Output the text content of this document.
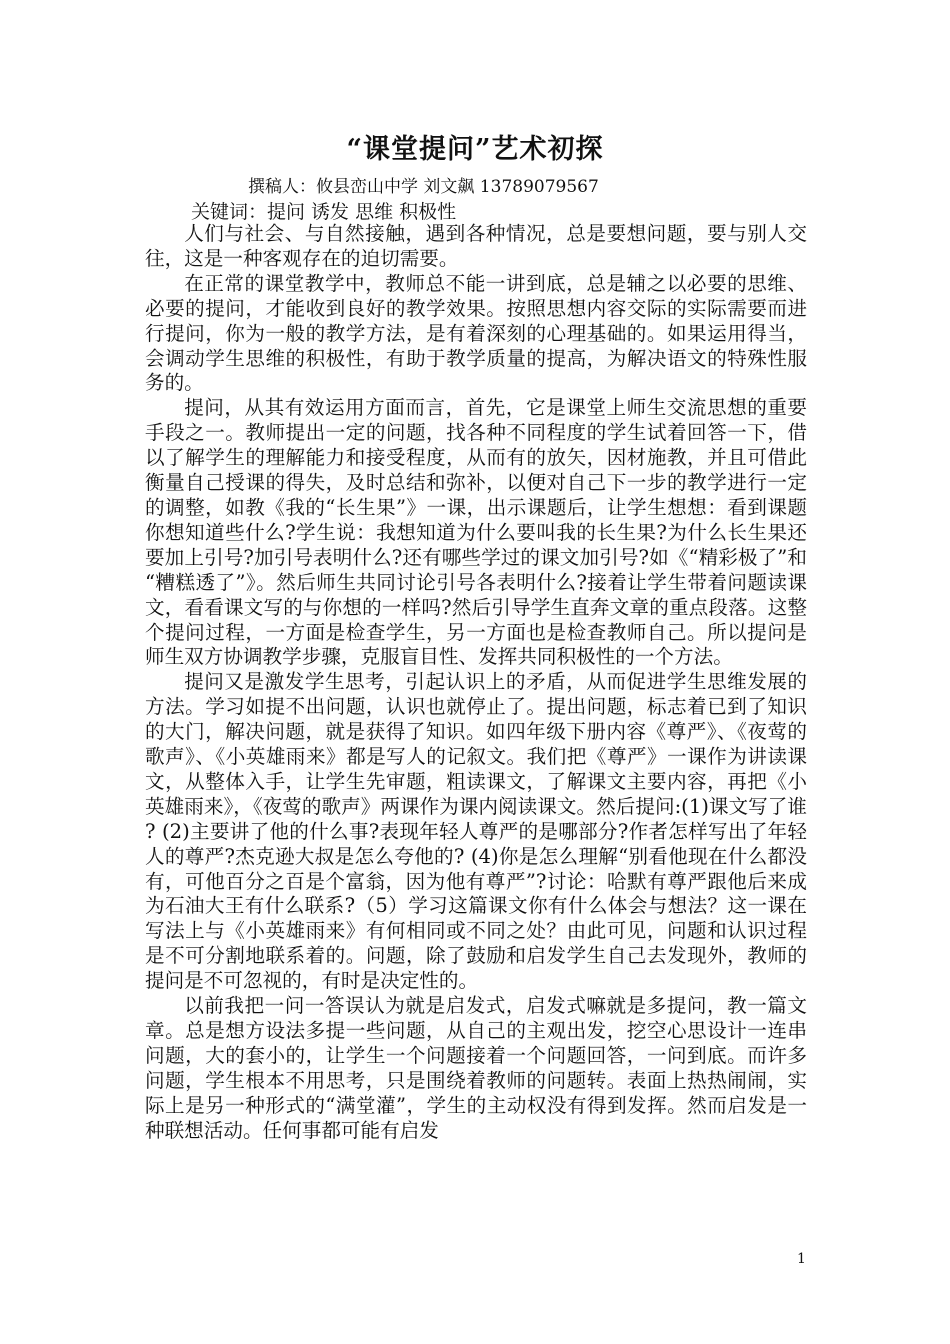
“课堂提问”艺术初探
撰稿人：攸县峦山中学 刘文飙 13789079567
关键词：提问 诱发 思维 积极性

人们与社会、与自然接触，遇到各种情况，总是要想问题，要与别人交往，这是一种客观存在的迫切需要。

在正常的课堂教学中，教师总不能一讲到底，总是辅之以必要的思维、必要的提问，才能收到良好的教学效果。按照思想内容交际的实际需要而进行提问，你为一般的教学方法，是有着深刻的心理基础的。如果运用得当，会调动学生思维的积极性，有助于教学质量的提高，为解决语文的特殊性服务的。

提问，从其有效运用方面而言，首先，它是课堂上师生交流思想的重要手段之一。教师提出一定的问题，找各种不同程度的学生试着回答一下，借以了解学生的理解能力和接受程度，从而有的放矢，因材施教，并且可借此衡量自己授课的得失，及时总结和弥补，以便对自己下一步的教学进行一定的调整，如教《我的“长生果”》一课，出示课题后，让学生想想：看到课题你想知道些什么?学生说：我想知道为什么要叫我的长生果?为什么长生果还要加上引号?加引号表明什么?还有哪些学过的课文加引号?如《“精彩极了”和“糟糕透了”》。然后师生共同讨论引号各表明什么?接着让学生带着问题读课文，看看课文写的与你想的一样吗?然后引导学生直奔文章的重点段落。这整个提问过程，一方面是检查学生，另一方面也是检查教师自己。所以提问是师生双方协调教学步骤，克服盲目性、发挥共同积极性的一个方法。

提问又是激发学生思考，引起认识上的矛盾，从而促进学生思维发展的方法。学习如提不出问题，认识也就停止了。提出问题，标志着已到了知识的大门，解决问题，就是获得了知识。如四年级下册内容《尊严》、《夜莺的歌声》、《小英雄雨来》都是写人的记叙文。我们把《尊严》一课作为讲读课文，从整体入手，让学生先审题，粗读课文，了解课文主要内容，再把《小英雄雨来》，《夜莺的歌声》两课作为课内阅读课文。然后提问:(1)课文写了谁? (2)主要讲了他的什么事?表现年轻人尊严的是哪部分?作者怎样写出了年轻人的尊严?杰克逊大叔是怎么夸他的? (4)你是怎么理解“别看他现在什么都没有，可他百分之百是个富翁，因为他有尊严”?讨论：哈默有尊严跟他后来成为石油大王有什么联系?（5）学习这篇课文你有什么体会与想法？这一课在写法上与《小英雄雨来》有何相同或不同之处？由此可见，问题和认识过程是不可分割地联系着的。问题，除了鼓励和启发学生自己去发现外，教师的提问是不可忽视的，有时是决定性的。

以前我把一问一答误认为就是启发式，启发式嘛就是多提问，教一篇文章。总是想方设法多提一些问题，从自己的主观出发，挖空心思设计一连串问题，大的套小的，让学生一个问题接着一个问题回答，一问到底。而许多问题，学生根本不用思考，只是围绕着教师的问题转。表面上热热闹闹，实际上是另一种形式的“满堂灌”，学生的主动权没有得到发挥。然而启发是一种联想活动。任何事都可能有启发

1
